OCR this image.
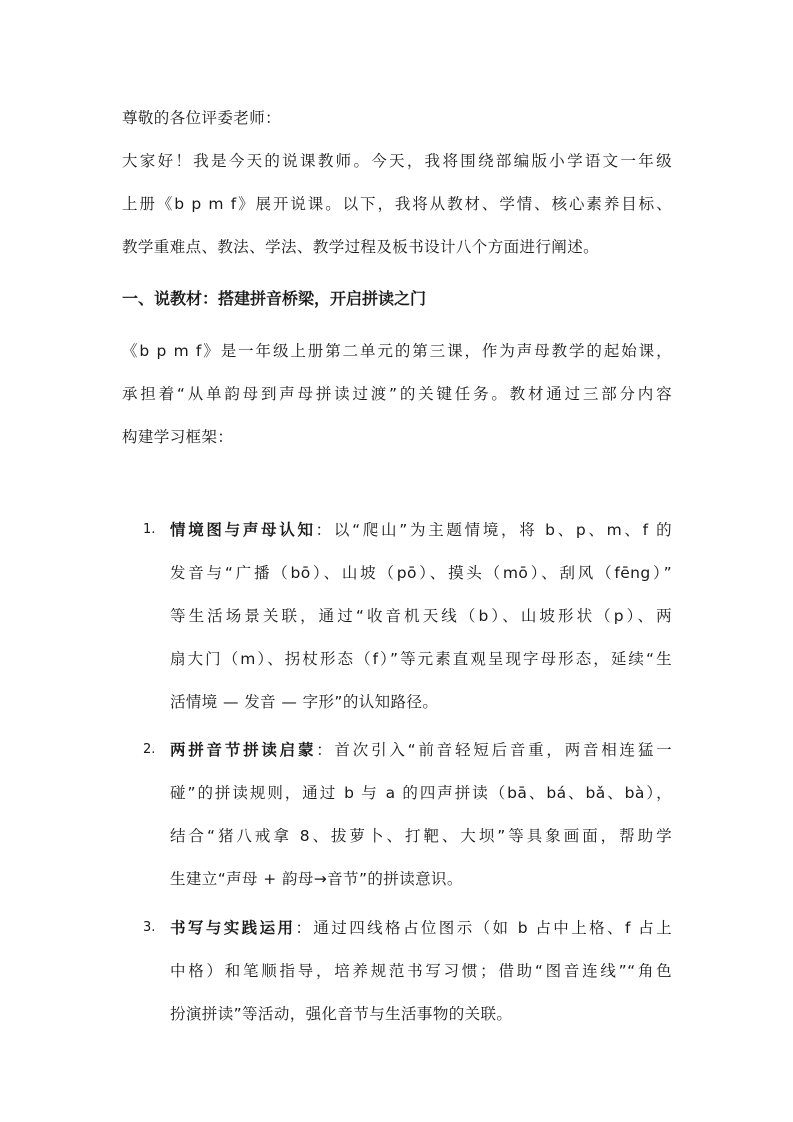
尊敬的各位评委老师：
大家好！我是今天的说课教师。今天，我将围绕部编版小学语文一年级
上册《b p m f》展开说课。以下，我将从教材、学情、核心素养目标、
教学重难点、教法、学法、教学过程及板书设计八个方面进行阐述。
一、说教材：搭建拼音桥梁，开启拼读之门
《b p m f》是一年级上册第二单元的第三课，作为声母教学的起始课，
承担着“从单韵母到声母拼读过渡”的关键任务。教材通过三部分内容
构建学习框架：
1. 情境图与声母认知：以“爬山”为主题情境，将 b、p、m、f 的
发音与“广播（bō）、山坡（pō）、摸头（mō）、刮风（fēng）”
等生活场景关联，通过“收音机天线（b）、山坡形状（p）、两
扇大门（m）、拐杖形态（f）”等元素直观呈现字母形态，延续“生
活情境 — 发音 — 字形”的认知路径。
2. 两拼音节拼读启蒙：首次引入“前音轻短后音重，两音相连猛一
碰”的拼读规则，通过 b 与 a 的四声拼读（bā、bá、bǎ、bà），
结合“猪八戒拿 8、拔萝卜、打靶、大坝”等具象画面，帮助学
生建立“声母 + 韵母→音节”的拼读意识。
3. 书写与实践运用：通过四线格占位图示（如 b 占中上格、f 占上
中格）和笔顺指导，培养规范书写习惯；借助“图音连线”“角色
扮演拼读”等活动，强化音节与生活事物的关联。
